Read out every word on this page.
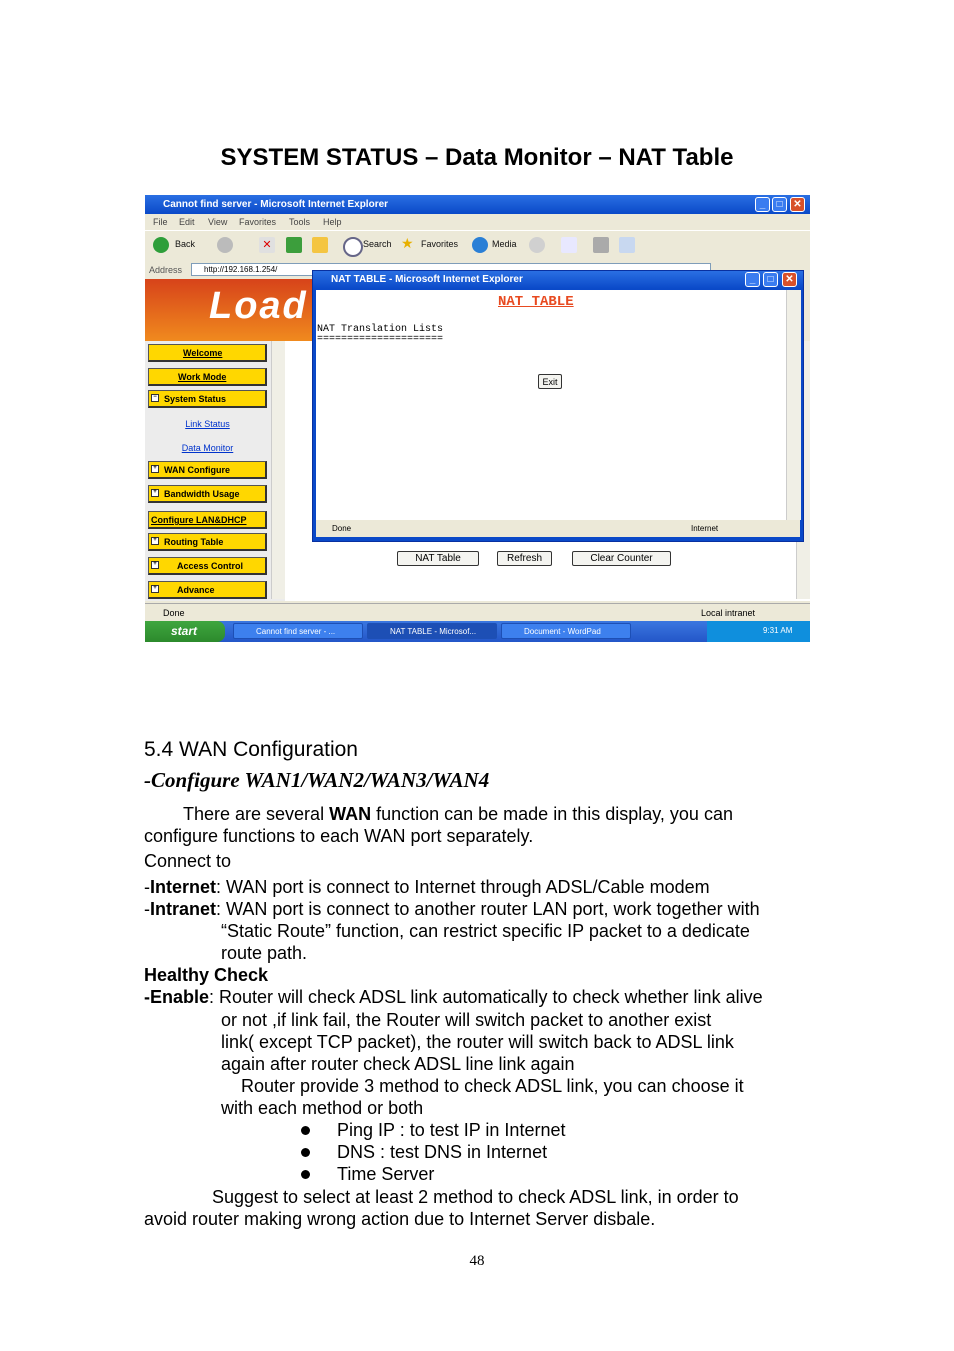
SYSTEM STATUS – Data Monitor – NAT Table
Cannot find server - Microsoft Internet Explorer	_	□	✕
File Edit View Favorites Tools Help
Back	✕	Search ★ Favorites	Media
Address	http://192.168.1.254/
Load
Welcome
Work Mode
− System Status
Link Status
Data Monitor
+ WAN Configure
+ Bandwidth Usage
Configure LAN&DHCP
+ Routing Table
+ Access Control
+ Advance
NAT Table	Refresh	Clear Counter
Done	Local intranet
start	Cannot find server - ...	NAT TABLE - Microsof...	Document - WordPad	9:31 AM
NAT TABLE - Microsoft Internet Explorer	_	□	✕
NAT TABLE
NAT Translation Lists
=====================
Exit
Done	Internet
5.4 WAN Configuration
-Configure WAN1/WAN2/WAN3/WAN4
There are several WAN function can be made in this display, you can
configure functions to each WAN port separately.
Connect to
-Internet: WAN port is connect to Internet through ADSL/Cable modem
-Intranet: WAN port is connect to another router LAN port, work together with
“Static Route” function, can restrict specific IP packet to a dedicate
route path.
Healthy Check
-Enable: Router will check ADSL link automatically to check whether link alive
or not ,if link fail, the Router will switch packet to another exist
link( except TCP packet), the router will switch back to ADSL link
again after router check ADSL line link again
Router provide 3 method to check ADSL link, you can choose it
with each method or both
Ping IP : to test IP in Internet
DNS : test DNS in Internet
Time Server
Suggest to select at least 2 method to check ADSL link, in order to
avoid router making wrong action due to Internet Server disbale.
48
